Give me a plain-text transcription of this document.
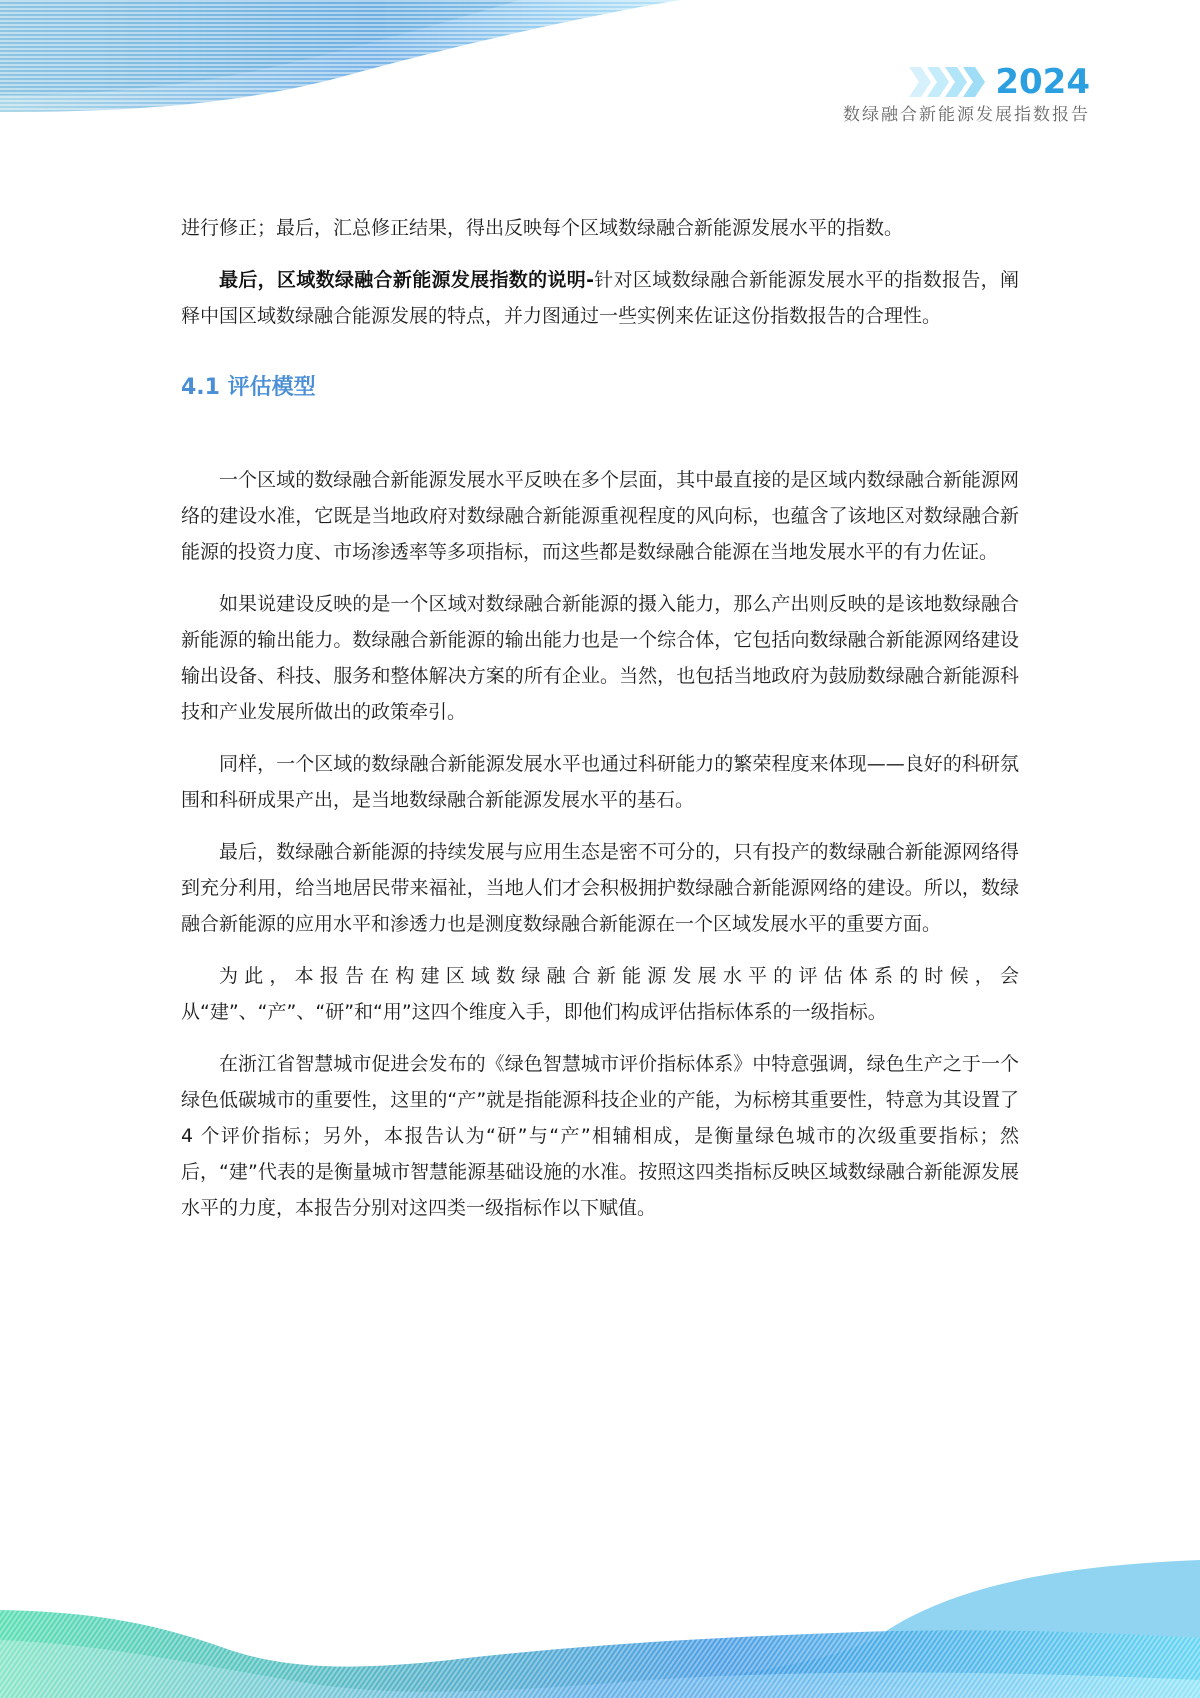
2024
数绿融合新能源发展指数报告

进行修正；最后，汇总修正结果，得出反映每个区域数绿融合新能源发展水平的指数。

最后，区域数绿融合新能源发展指数的说明-针对区域数绿融合新能源发展水平的指数报告，阐释中国区域数绿融合能源发展的特点，并力图通过一些实例来佐证这份指数报告的合理性。

4.1 评估模型

一个区域的数绿融合新能源发展水平反映在多个层面，其中最直接的是区域内数绿融合新能源网络的建设水准，它既是当地政府对数绿融合新能源重视程度的风向标，也蕴含了该地区对数绿融合新能源的投资力度、市场渗透率等多项指标，而这些都是数绿融合能源在当地发展水平的有力佐证。

如果说建设反映的是一个区域对数绿融合新能源的摄入能力，那么产出则反映的是该地数绿融合新能源的输出能力。数绿融合新能源的输出能力也是一个综合体，它包括向数绿融合新能源网络建设输出设备、科技、服务和整体解决方案的所有企业。当然，也包括当地政府为鼓励数绿融合新能源科技和产业发展所做出的政策牵引。

同样，一个区域的数绿融合新能源发展水平也通过科研能力的繁荣程度来体现——良好的科研氛围和科研成果产出，是当地数绿融合新能源发展水平的基石。

最后，数绿融合新能源的持续发展与应用生态是密不可分的，只有投产的数绿融合新能源网络得到充分利用，给当地居民带来福祉，当地人们才会积极拥护数绿融合新能源网络的建设。所以，数绿融合新能源的应用水平和渗透力也是测度数绿融合新能源在一个区域发展水平的重要方面。

为此，本报告在构建区域数绿融合新能源发展水平的评估体系的时候，会从“建”、“产”、“研”和“用”这四个维度入手，即他们构成评估指标体系的一级指标。

在浙江省智慧城市促进会发布的《绿色智慧城市评价指标体系》中特意强调，绿色生产之于一个绿色低碳城市的重要性，这里的“产”就是指能源科技企业的产能，为标榜其重要性，特意为其设置了 4 个评价指标；另外，本报告认为“研”与“产”相辅相成，是衡量绿色城市的次级重要指标；然后，“建”代表的是衡量城市智慧能源基础设施的水准。按照这四类指标反映区域数绿融合新能源发展水平的力度，本报告分别对这四类一级指标作以下赋值。
